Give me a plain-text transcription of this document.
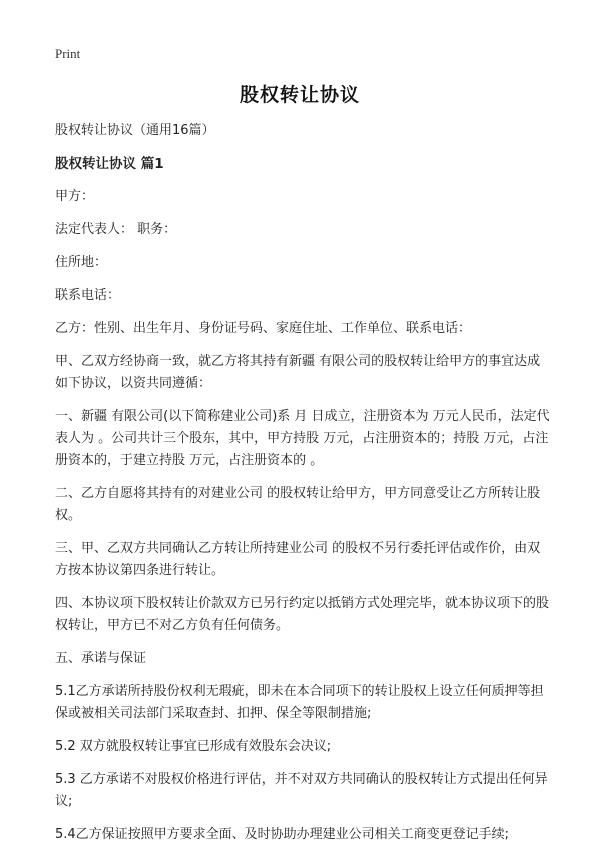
Print
股权转让协议

股权转让协议（通用16篇）

股权转让协议 篇1

甲方：

法定代表人： 职务：

住所地：

联系电话：

乙方：性别、出生年月、身份证号码、家庭住址、工作单位、联系电话：

甲、乙双方经协商一致，就乙方将其持有新疆 有限公司的股权转让给甲方的事宜达成如下协议，以资共同遵循：

一、新疆 有限公司(以下简称建业公司)系 月 日成立，注册资本为 万元人民币，法定代表人为 。公司共计三个股东，其中，甲方持股 万元，占注册资本的；持股 万元，占注册资本的，于建立持股 万元，占注册资本的 。

二、乙方自愿将其持有的对建业公司 的股权转让给甲方，甲方同意受让乙方所转让股权。

三、甲、乙双方共同确认乙方转让所持建业公司 的股权不另行委托评估或作价，由双方按本协议第四条进行转让。

四、本协议项下股权转让价款双方已另行约定以抵销方式处理完毕，就本协议项下的股权转让，甲方已不对乙方负有任何债务。

五、承诺与保证

5.1乙方承诺所持股份权利无瑕疵，即未在本合同项下的转让股权上设立任何质押等担保或被相关司法部门采取查封、扣押、保全等限制措施;

5.2 双方就股权转让事宜已形成有效股东会决议;

5.3 乙方承诺不对股权价格进行评估，并不对双方共同确认的股权转让方式提出任何异议;

5.4乙方保证按照甲方要求全面、及时协助办理建业公司相关工商变更登记手续;
